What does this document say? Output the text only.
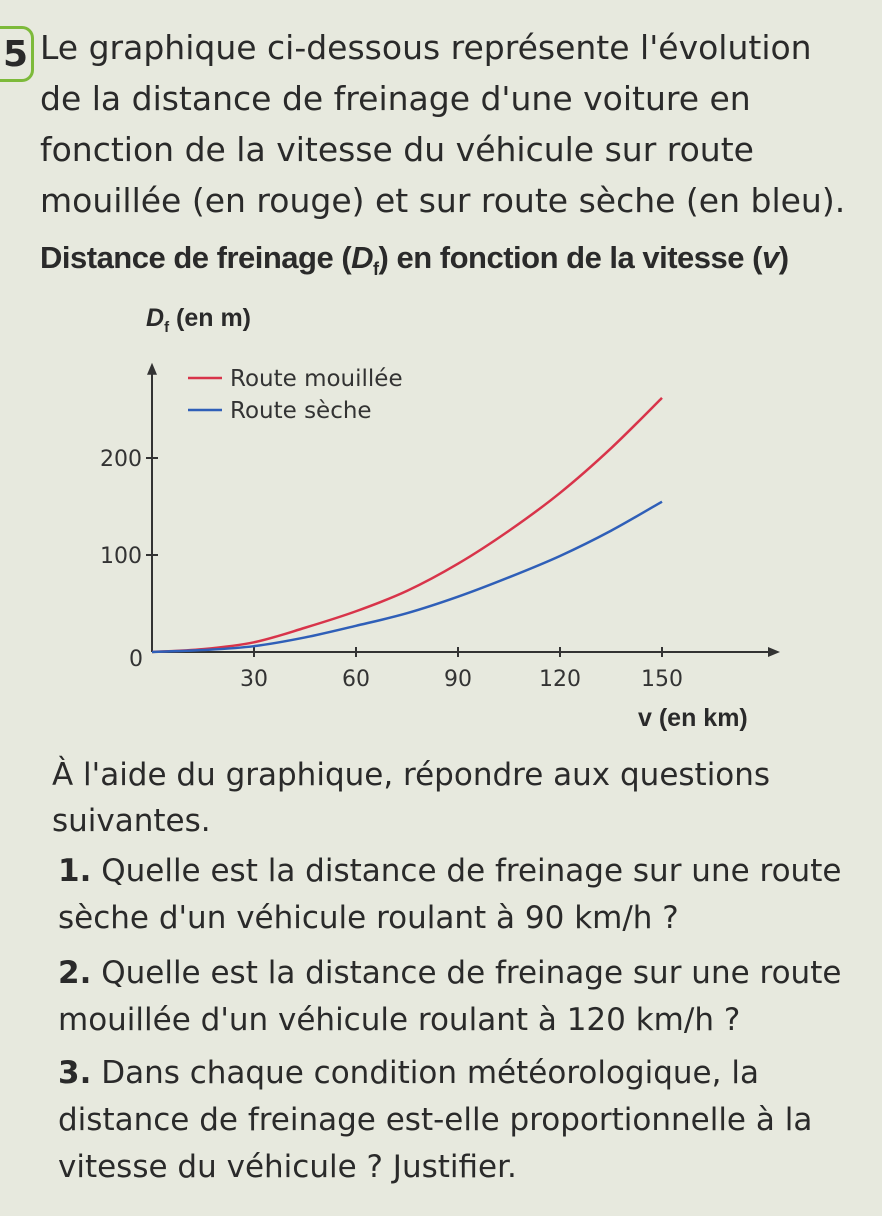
5 Le graphique ci-dessous représente l'évolution de la distance de freinage d'une voiture en fonction de la vitesse du véhicule sur route mouillée (en rouge) et sur route sèche (en bleu).

Distance de freinage $(D_f)$ en fonction de la vitesse (v)
$D_f$ (en m)
0
30	60	90	120	150
100
200
Route mouillée
Route sèche
v (en km)

À l'aide du graphique, répondre aux questions suivantes.

1. Quelle est la distance de freinage sur une route sèche d'un véhicule roulant à 90 km/h ?

2. Quelle est la distance de freinage sur une route mouillée d'un véhicule roulant à 120 km/h ?

3. Dans chaque condition météorologique, la distance de freinage est-elle proportionnelle à la vitesse du véhicule ? Justifier.
